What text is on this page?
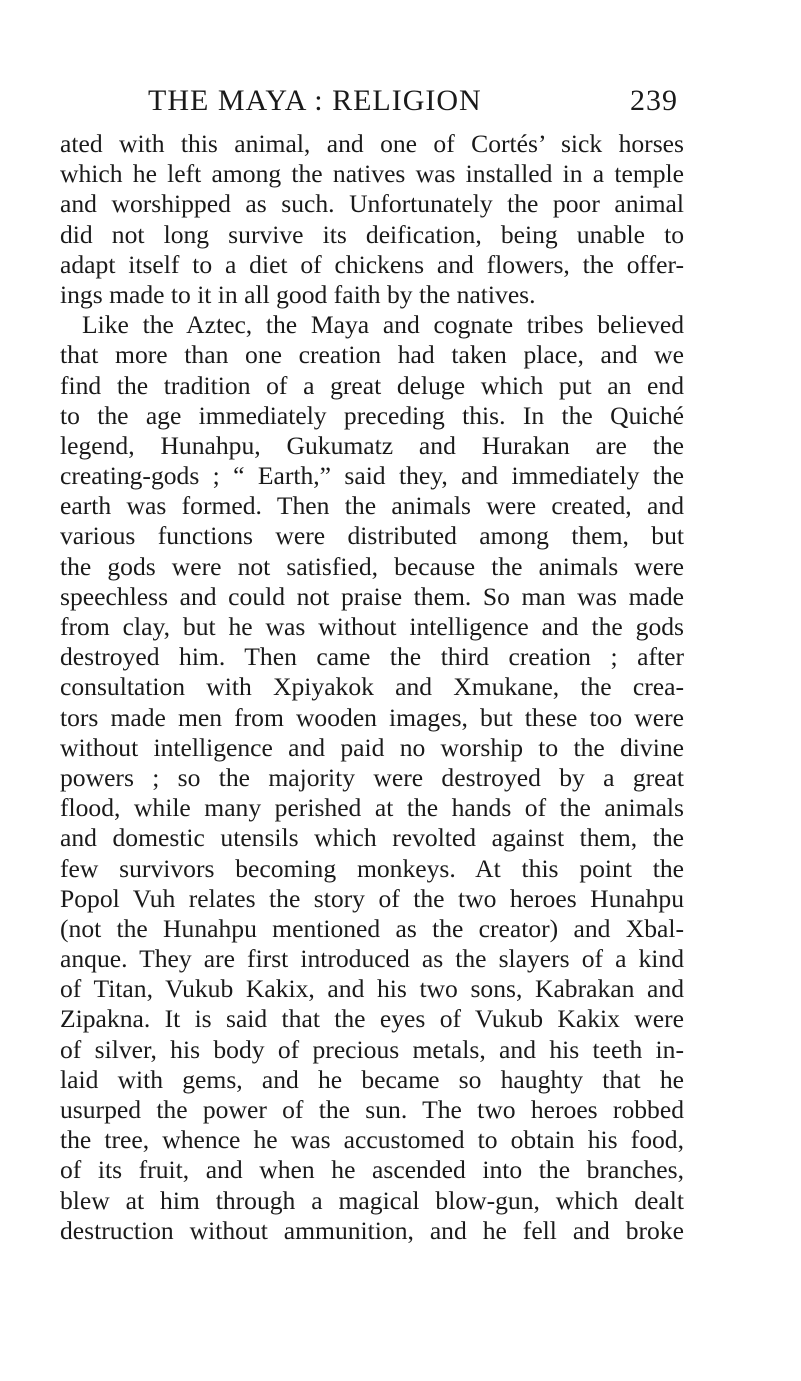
THE MAYA : RELIGION	239
ated with this animal, and one of Cortés’ sick horses
which he left among the natives was installed in a temple
and worshipped as such. Unfortunately the poor animal
did not long survive its deification, being unable to
adapt itself to a diet of chickens and flowers, the offer-
ings made to it in all good faith by the natives.
Like the Aztec, the Maya and cognate tribes believed
that more than one creation had taken place, and we
find the tradition of a great deluge which put an end
to the age immediately preceding this. In the Quiché
legend, Hunahpu, Gukumatz and Hurakan are the
creating-gods ; “ Earth,” said they, and immediately the
earth was formed. Then the animals were created, and
various functions were distributed among them, but
the gods were not satisfied, because the animals were
speechless and could not praise them. So man was made
from clay, but he was without intelligence and the gods
destroyed him. Then came the third creation ; after
consultation with Xpiyakok and Xmukane, the crea-
tors made men from wooden images, but these too were
without intelligence and paid no worship to the divine
powers ; so the majority were destroyed by a great
flood, while many perished at the hands of the animals
and domestic utensils which revolted against them, the
few survivors becoming monkeys. At this point the
Popol Vuh relates the story of the two heroes Hunahpu
(not the Hunahpu mentioned as the creator) and Xbal-
anque. They are first introduced as the slayers of a kind
of Titan, Vukub Kakix, and his two sons, Kabrakan and
Zipakna. It is said that the eyes of Vukub Kakix were
of silver, his body of precious metals, and his teeth in-
laid with gems, and he became so haughty that he
usurped the power of the sun. The two heroes robbed
the tree, whence he was accustomed to obtain his food,
of its fruit, and when he ascended into the branches,
blew at him through a magical blow-gun, which dealt
destruction without ammunition, and he fell and broke
